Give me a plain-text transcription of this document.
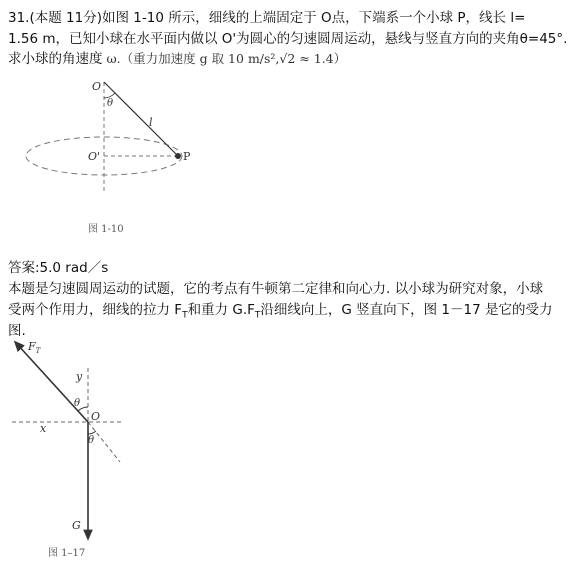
31.(本题 11分)如图 1-10 所示，细线的上端固定于 O点，下端系一个小球 P，线长 l=
1.56 m，已知小球在水平面内做以 O'为圆心的匀速圆周运动，悬线与竖直方向的夹角θ=45°.
求小球的角速度 ω.（重力加速度 g 取 10 m/s²,√2 ≈ 1.4）
O
θ
l
O'	P
图 1-10
答案:5.0 rad／s
本题是匀速圆周运动的试题，它的考点有牛顿第二定律和向心力. 以小球为研究对象，小球
受两个作用力，细线的拉力 $F_T$和重力 $G.F_T$沿细线向上，G 竖直向下，图 1－17 是它的受力
图.
$F_T$
y
θ
O
x
θ
G
图 1–17
